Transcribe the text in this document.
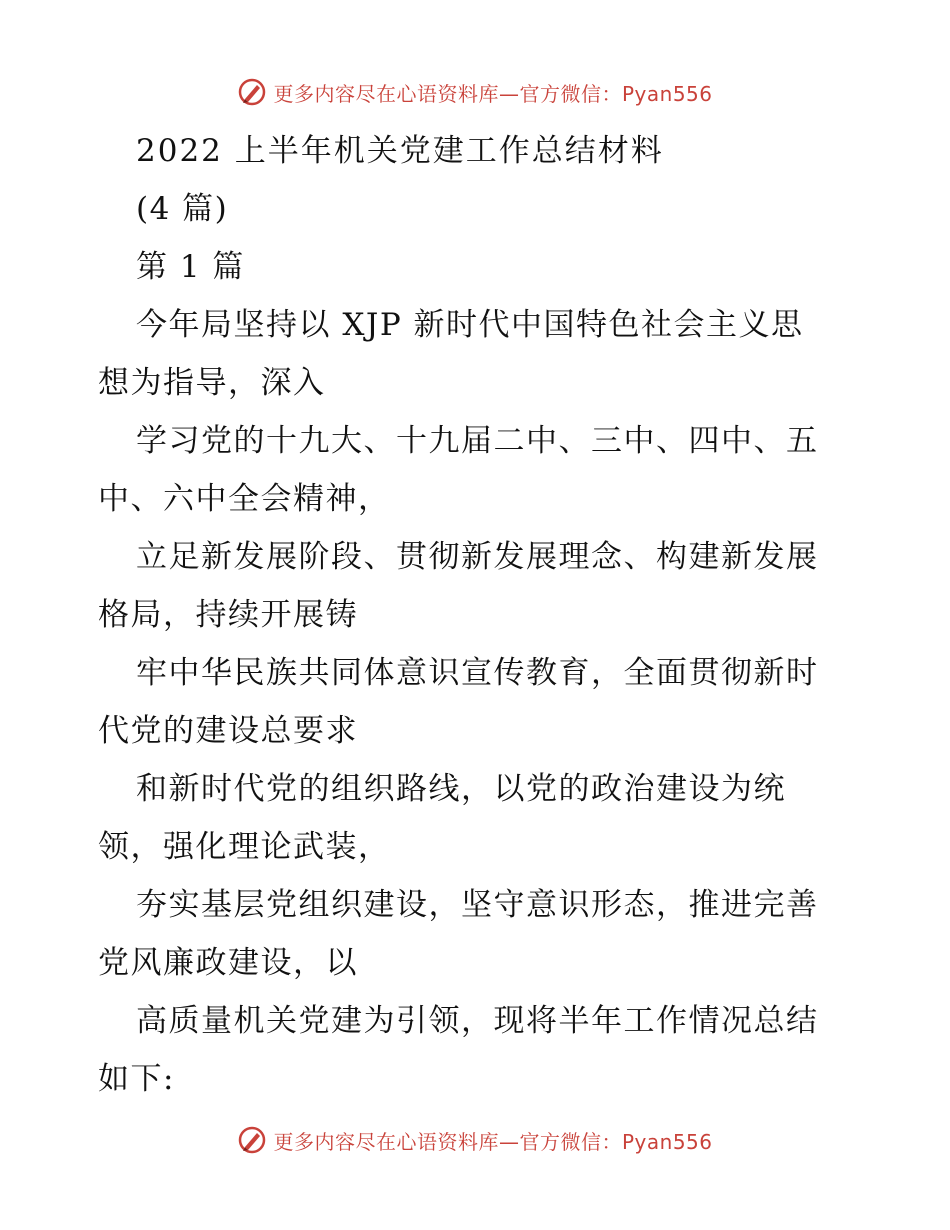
更多内容尽在心语资料库—官方微信：Pyan556
2022 上半年机关党建工作总结材料
(4 篇)
第 1 篇
今年局坚持以 XJP 新时代中国特色社会主义思
想为指导，深入
学习党的十九大、十九届二中、三中、四中、五
中、六中全会精神，
立足新发展阶段、贯彻新发展理念、构建新发展
格局，持续开展铸
牢中华民族共同体意识宣传教育，全面贯彻新时
代党的建设总要求
和新时代党的组织路线，以党的政治建设为统
领，强化理论武装，
夯实基层党组织建设，坚守意识形态，推进完善
党风廉政建设，以
高质量机关党建为引领，现将半年工作情况总结
如下:
更多内容尽在心语资料库—官方微信：Pyan556
